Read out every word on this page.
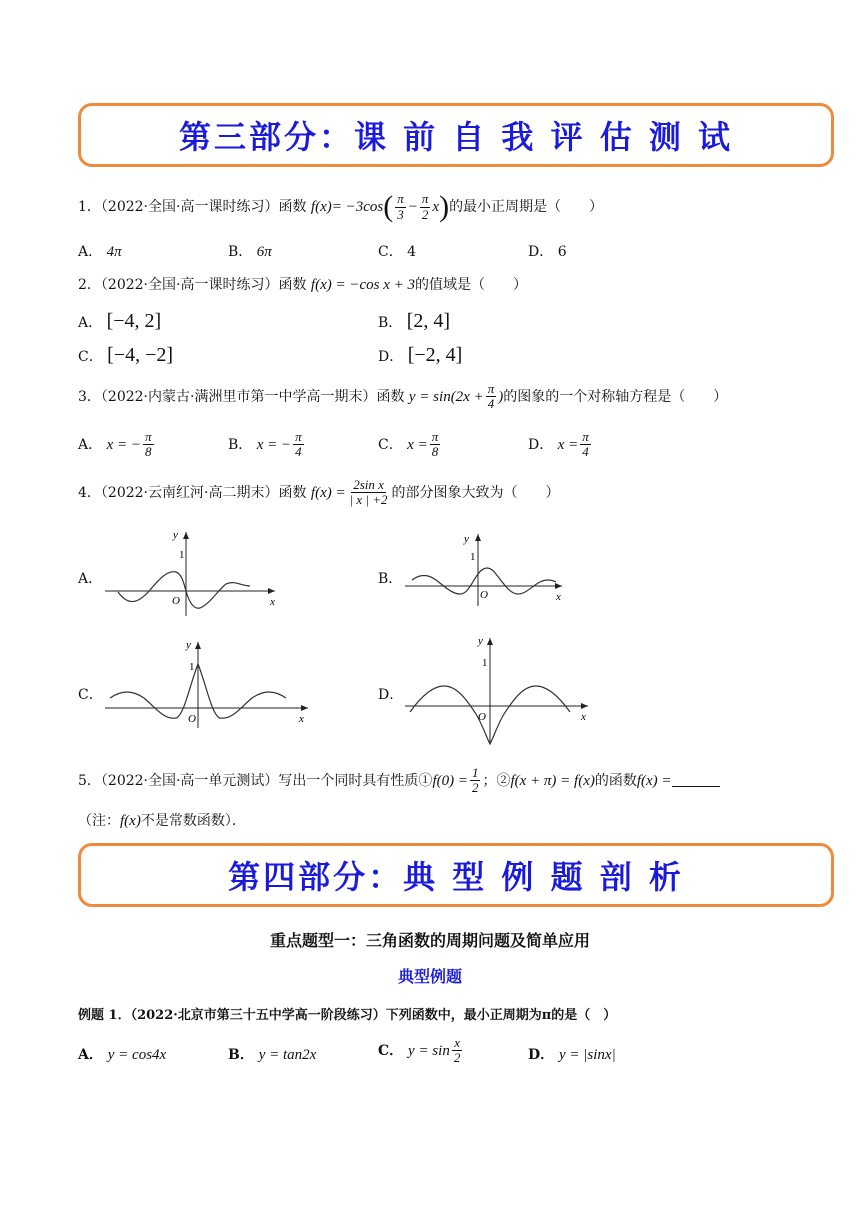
第三部分：课 前 自 我 评 估 测 试
1．（2022·全国·高一课时练习）函数 $f(x)= -3\cos( \frac{\pi}{3} - \frac{\pi}{2} x)$的最小正周期是（　　）
A． 4π	B． 6π	C． 4	D． 6
2．（2022·全国·高一课时练习）函数 f(x) = −cos x + 3的值域是（　　）
A． [−4, 2]	B． [2, 4]
C． [−4, −2]	D． [−2, 4]
3．（2022·内蒙古·满洲里市第一中学高一期末）函数 $y = \sin(2x + \frac{\pi}{4}$ )的图象的一个对称轴方程是（　　）
A． x = − $\frac{\pi}{8}$	B． x = − $\frac{\pi}{4}$	C． $x = \frac{\pi}{8}$	D． $x = \frac{\pi}{4}$
4．（2022·云南红河·高二期末）函数 $f(x) = \frac{\text{2sin x}}{| x | +2}$ 的部分图象大致为（　　）
A．	B．
C．	D．
y
1
O	x
y
1
O	x
y
1
O	x
y
1
O	x
5．（2022·全国·高一单元测试）写出一个同时具有性质①f(0) = $\frac{1}{2}$ ；②f(x + π) = f(x)的函数f(x) =
（注：f(x)不是常数函数）．
第四部分：典 型 例 题 剖 析
重点题型一：三角函数的周期问题及简单应用
典型例题
例题 1．（2022·北京市第三十五中学高一阶段练习）下列函数中，最小正周期为π的是（　）
A． y = cos4x	B． y = tan2x	C． $y = \sin \frac{x}{2}$	D． y = |sinx|
